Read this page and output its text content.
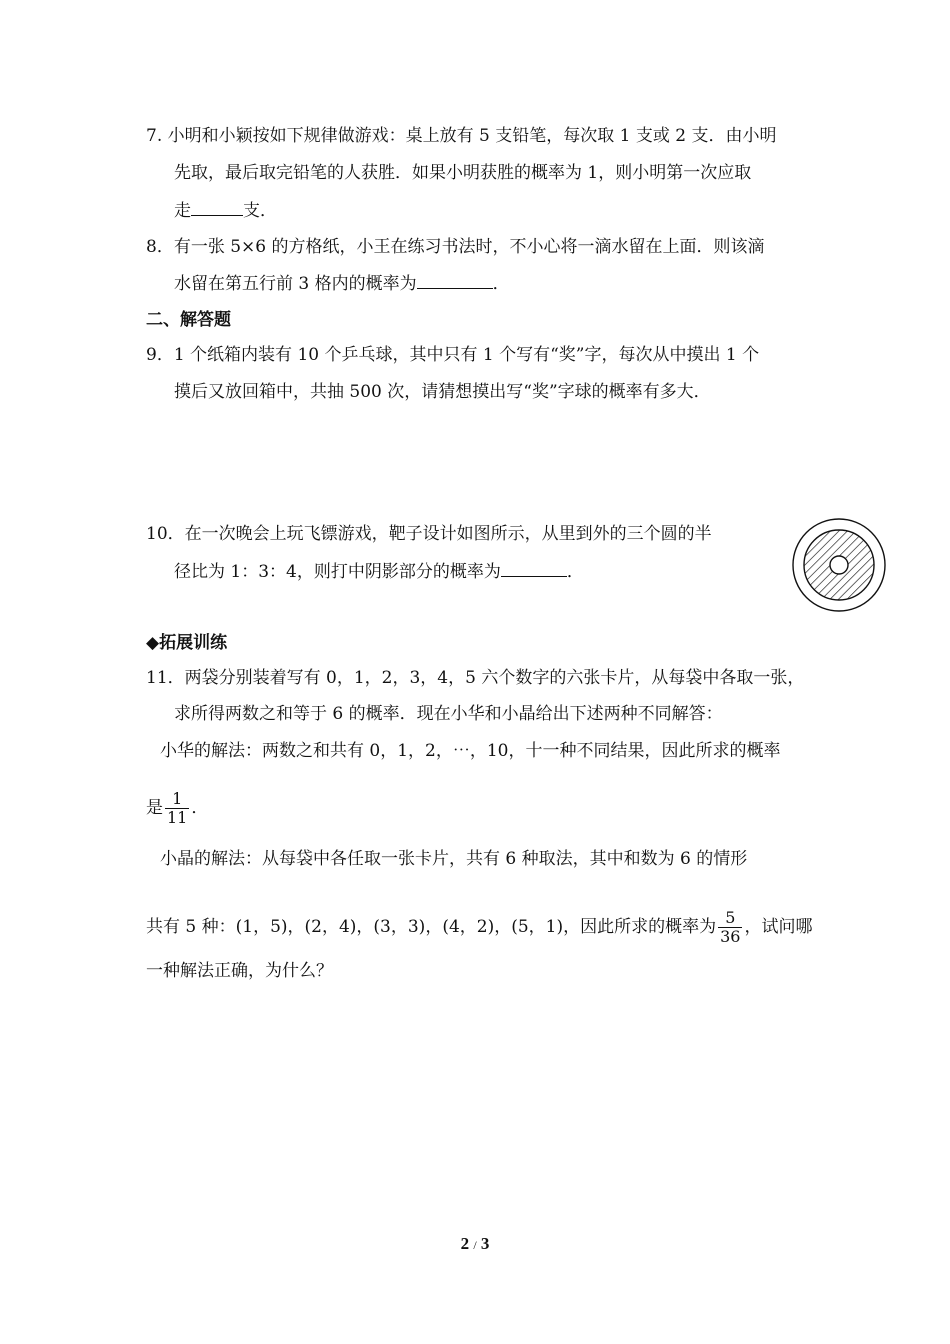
7. 小明和小颖按如下规律做游戏：桌上放有 5 支铅笔，每次取 1 支或 2 支．由小明
先取，最后取完铅笔的人获胜．如果小明获胜的概率为 1，则小明第一次应取
走	支．
8．有一张 5×6 的方格纸，小王在练习书法时，不小心将一滴水留在上面．则该滴
水留在第五行前 3 格内的概率为	．
二、解答题
9．1 个纸箱内装有 10 个乒乓球，其中只有 1 个写有“奖”字，每次从中摸出 1 个
摸后又放回箱中，共抽 500 次，请猜想摸出写“奖”字球的概率有多大．
10．在一次晚会上玩飞镖游戏，靶子设计如图所示，从里到外的三个圆的半
径比为 1：3：4，则打中阴影部分的概率为	．
◆拓展训练
11．两袋分别装着写有 0，1，2，3，4，5 六个数字的六张卡片，从每袋中各取一张，
求所得两数之和等于 6 的概率．现在小华和小晶给出下述两种不同解答：
小华的解法：两数之和共有 0，1，2，⋯，10，十一种不同结果，因此所求的概率
是 $\frac{1}{11}$ ．
小晶的解法：从每袋中各任取一张卡片，共有 6 种取法，其中和数为 6 的情形
共有 5 种：(1，5)，(2，4)，(3，3)，(4，2)，(5，1)，因此所求的概率为 $\frac{5}{36}$ ，试问哪
一种解法正确，为什么？
2 / 3
